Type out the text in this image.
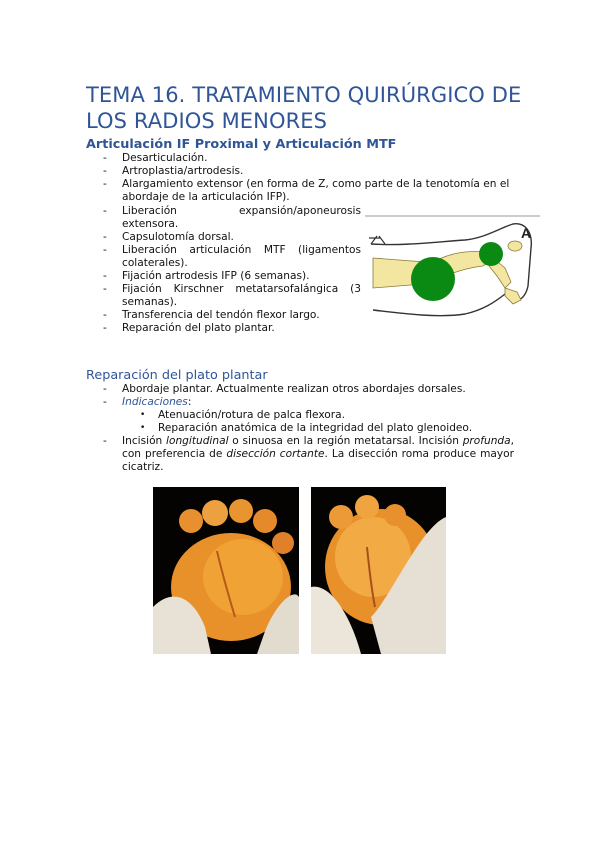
TEMA 16. TRATAMIENTO QUIRÚRGICO DE LOS RADIOS MENORES
Articulación IF Proximal y Articulación MTF
- Desarticulación.
- Artroplastia/artrodesis.
- Alargamiento extensor (en forma de Z, como parte de la tenotomía en el abordaje de la articulación IFP).
- Liberación expansión/aponeurosis extensora.
- Capsulotomía dorsal.
- Liberación articulación MTF (ligamentos colaterales).
- Fijación artrodesis IFP (6 semanas).
- Fijación Kirschner metatarsofalángica (3 semanas).
- Transferencia del tendón flexor largo.
- Reparación del plato plantar.
A
Reparación del plato plantar
- Abordaje plantar. Actualmente realizan otros abordajes dorsales.
- Indicaciones:
• Atenuación/rotura de palca flexora.
• Reparación anatómica de la integridad del plato glenoideo.
- Incisión longitudinal o sinuosa en la región metatarsal. Incisión profunda, con preferencia de disección cortante. La disección roma produce mayor cicatriz.
